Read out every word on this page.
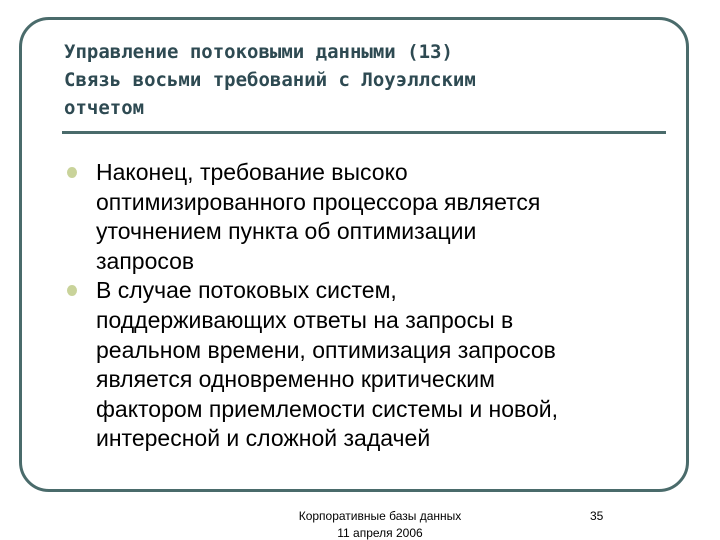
Управление потоковыми данными (13)
Связь восьми требований с Лоуэллским
отчетом
Наконец, требование высоко
оптимизированного процессора является
уточнением пункта об оптимизации
запросов
В случае потоковых систем,
поддерживающих ответы на запросы в
реальном времени, оптимизация запросов
является одновременно критическим
фактором приемлемости системы и новой,
интересной и сложной задачей
Корпоративные базы данных
11 апреля 2006
35
